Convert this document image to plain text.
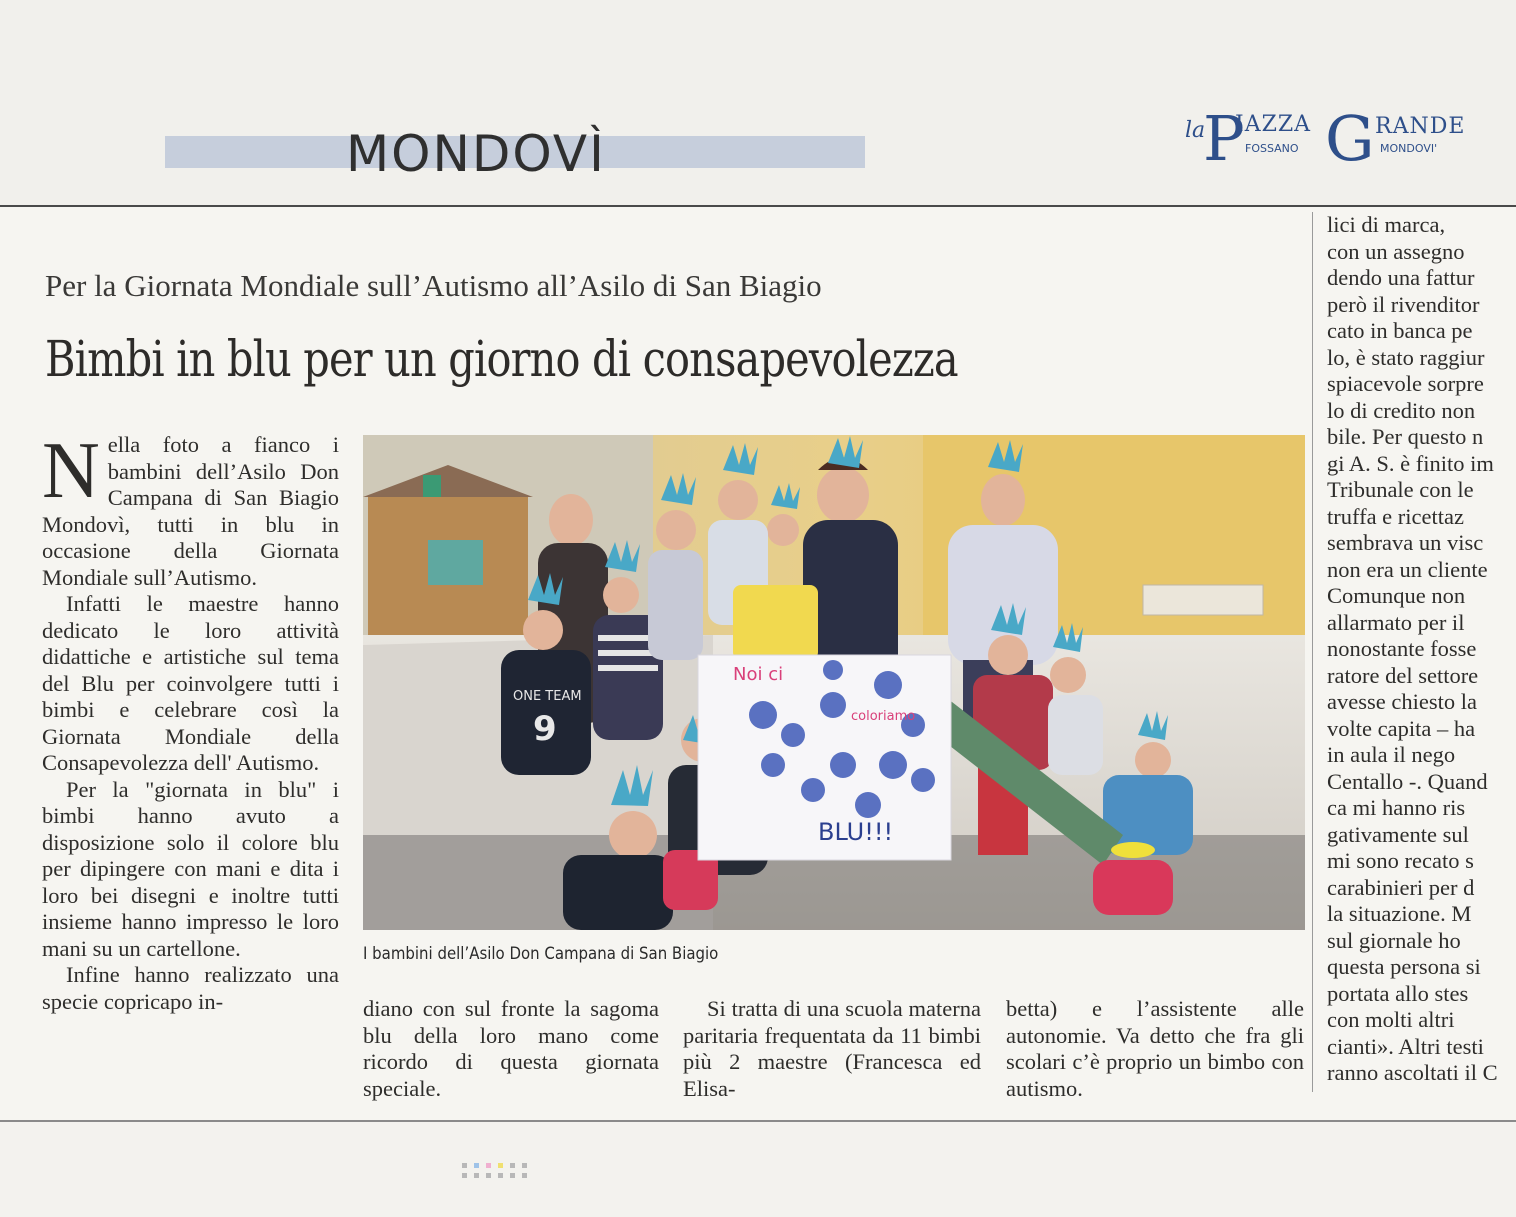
MONDOVÌ	la
P
IAZZA G RANDE
FOSSANO	MONDOVI'
Per la Giornata Mondiale sull’Autismo all’Asilo di San Biagio
Bimbi in blu per un giorno di consapevolezza

Nella foto a fianco i bambini dell’Asilo Don Campana di San Biagio Mondovì, tutti in blu in occasione della Giornata Mondiale sull’Autismo.

Infatti le maestre hanno dedicato le loro attività didattiche e artistiche sul tema del Blu per coinvolgere tutti i bimbi e celebrare così la Giornata Mondiale della Consapevolezza dell' Autismo.

Per la "giornata in blu" i bimbi hanno avuto a disposizione solo il colore blu per dipingere con mani e dita i loro bei disegni e inoltre tutti insieme hanno impresso le loro mani su un cartellone.

Infine hanno realizzato una specie copricapo in-

Noi ci
coloriamo
BLU!!!
ONE TEAM
9
I bambini dell’Asilo Don Campana di San Biagio

diano con sul fronte la sagoma blu della loro mano come ricordo di questa giornata speciale.

Si tratta di una scuola materna paritaria frequentata da 11 bimbi più 2 maestre (Francesca ed Elisa-

betta) e l’assistente alle autonomie. Va detto che fra gli scolari c’è proprio un bimbo con autismo.

lici di marca,

con un assegno

dendo una fattur

però il rivenditor

cato in banca pe

lo, è stato raggiur

spiacevole sorpre

lo di credito non

bile. Per questo n

gi A. S. è finito im

Tribunale con le

truffa e ricettaz

sembrava un visc

non era un cliente

Comunque non

allarmato per il

nonostante fosse

ratore del settore

avesse chiesto la

volte capita – ha

in aula il nego

Centallo -. Quand

ca mi hanno ris

gativamente sul

mi sono recato s

carabinieri per d

la situazione. M

sul giornale ho

questa persona si

portata allo stes

con molti altri

cianti». Altri testi

ranno ascoltati il C
